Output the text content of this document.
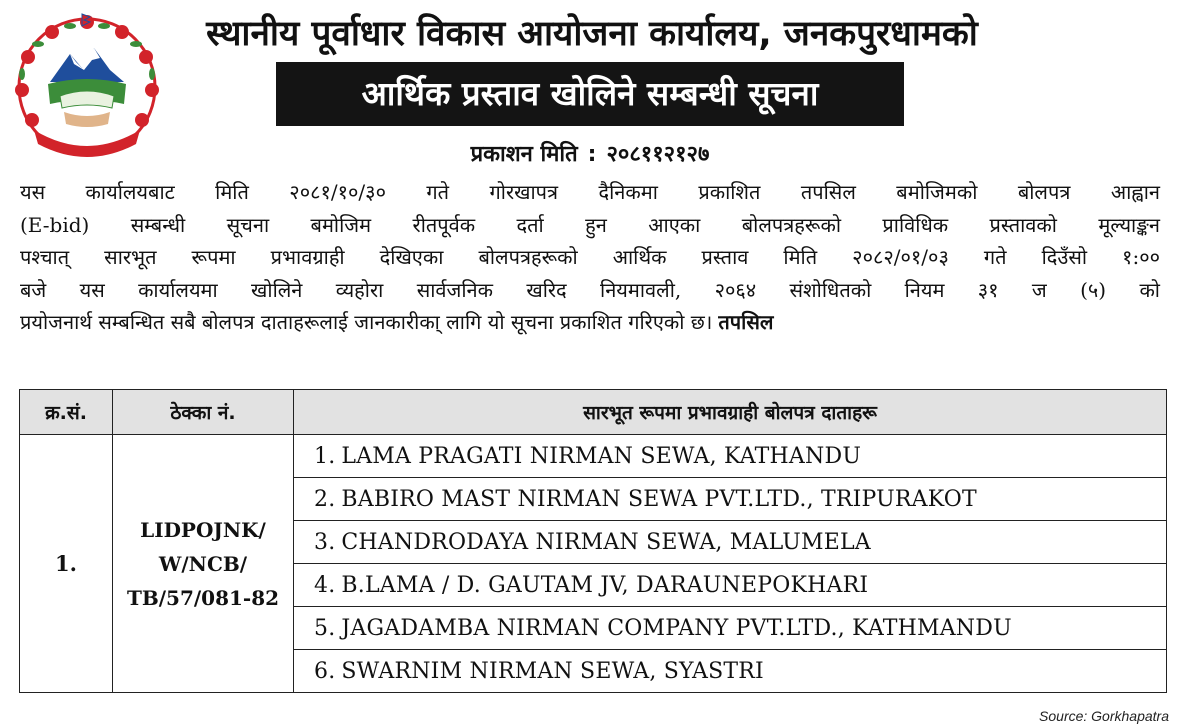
स्थानीय पूर्वाधार विकास आयोजना कार्यालय, जनकपुरधामको
आर्थिक प्रस्ताव खोलिने सम्बन्धी सूचना
प्रकाशन मिति : २०८११२१२७
यस कार्यालयबाट मिति २०८१/१०/३० गते गोरखापत्र दैनिकमा प्रकाशित तपसिल बमोजिमको बोलपत्र आह्वान
(E-bid) सम्बन्धी सूचना बमोजिम रीतपूर्वक दर्ता हुन आएका बोलपत्रहरूको प्राविधिक प्रस्तावको मूल्याङ्कन
पश्चात् सारभूत रूपमा प्रभावग्राही देखिएका बोलपत्रहरूको आर्थिक प्रस्ताव मिति २०८२/०१/०३ गते दिउँसो १:००
बजे यस कार्यालयमा खोलिने व्यहोरा सार्वजनिक खरिद नियमावली, २०६४ संशोधितको नियम ३१ ज (५) को
प्रयोजनार्थ सम्बन्धित सबै बोलपत्र दाताहरूलाई जानकारीका् लागि यो सूचना प्रकाशित गरिएको छ। तपसिल
क्र.सं.	ठेक्का नं.	सारभूत रूपमा प्रभावग्राही बोलपत्र दाताहरू
1.	LIDPOJNK/
W/NCB/
TB/57/081-82	1. LAMA PRAGATI NIRMAN SEWA, KATHANDU
		2. BABIRO MAST NIRMAN SEWA PVT.LTD., TRIPURAKOT
		3. CHANDRODAYA NIRMAN SEWA, MALUMELA
		4. B.LAMA / D. GAUTAM JV, DARAUNEPOKHARI
		5. JAGADAMBA NIRMAN COMPANY PVT.LTD., KATHMANDU
		6. SWARNIM NIRMAN SEWA, SYASTRI
Source: Gorkhapatra
